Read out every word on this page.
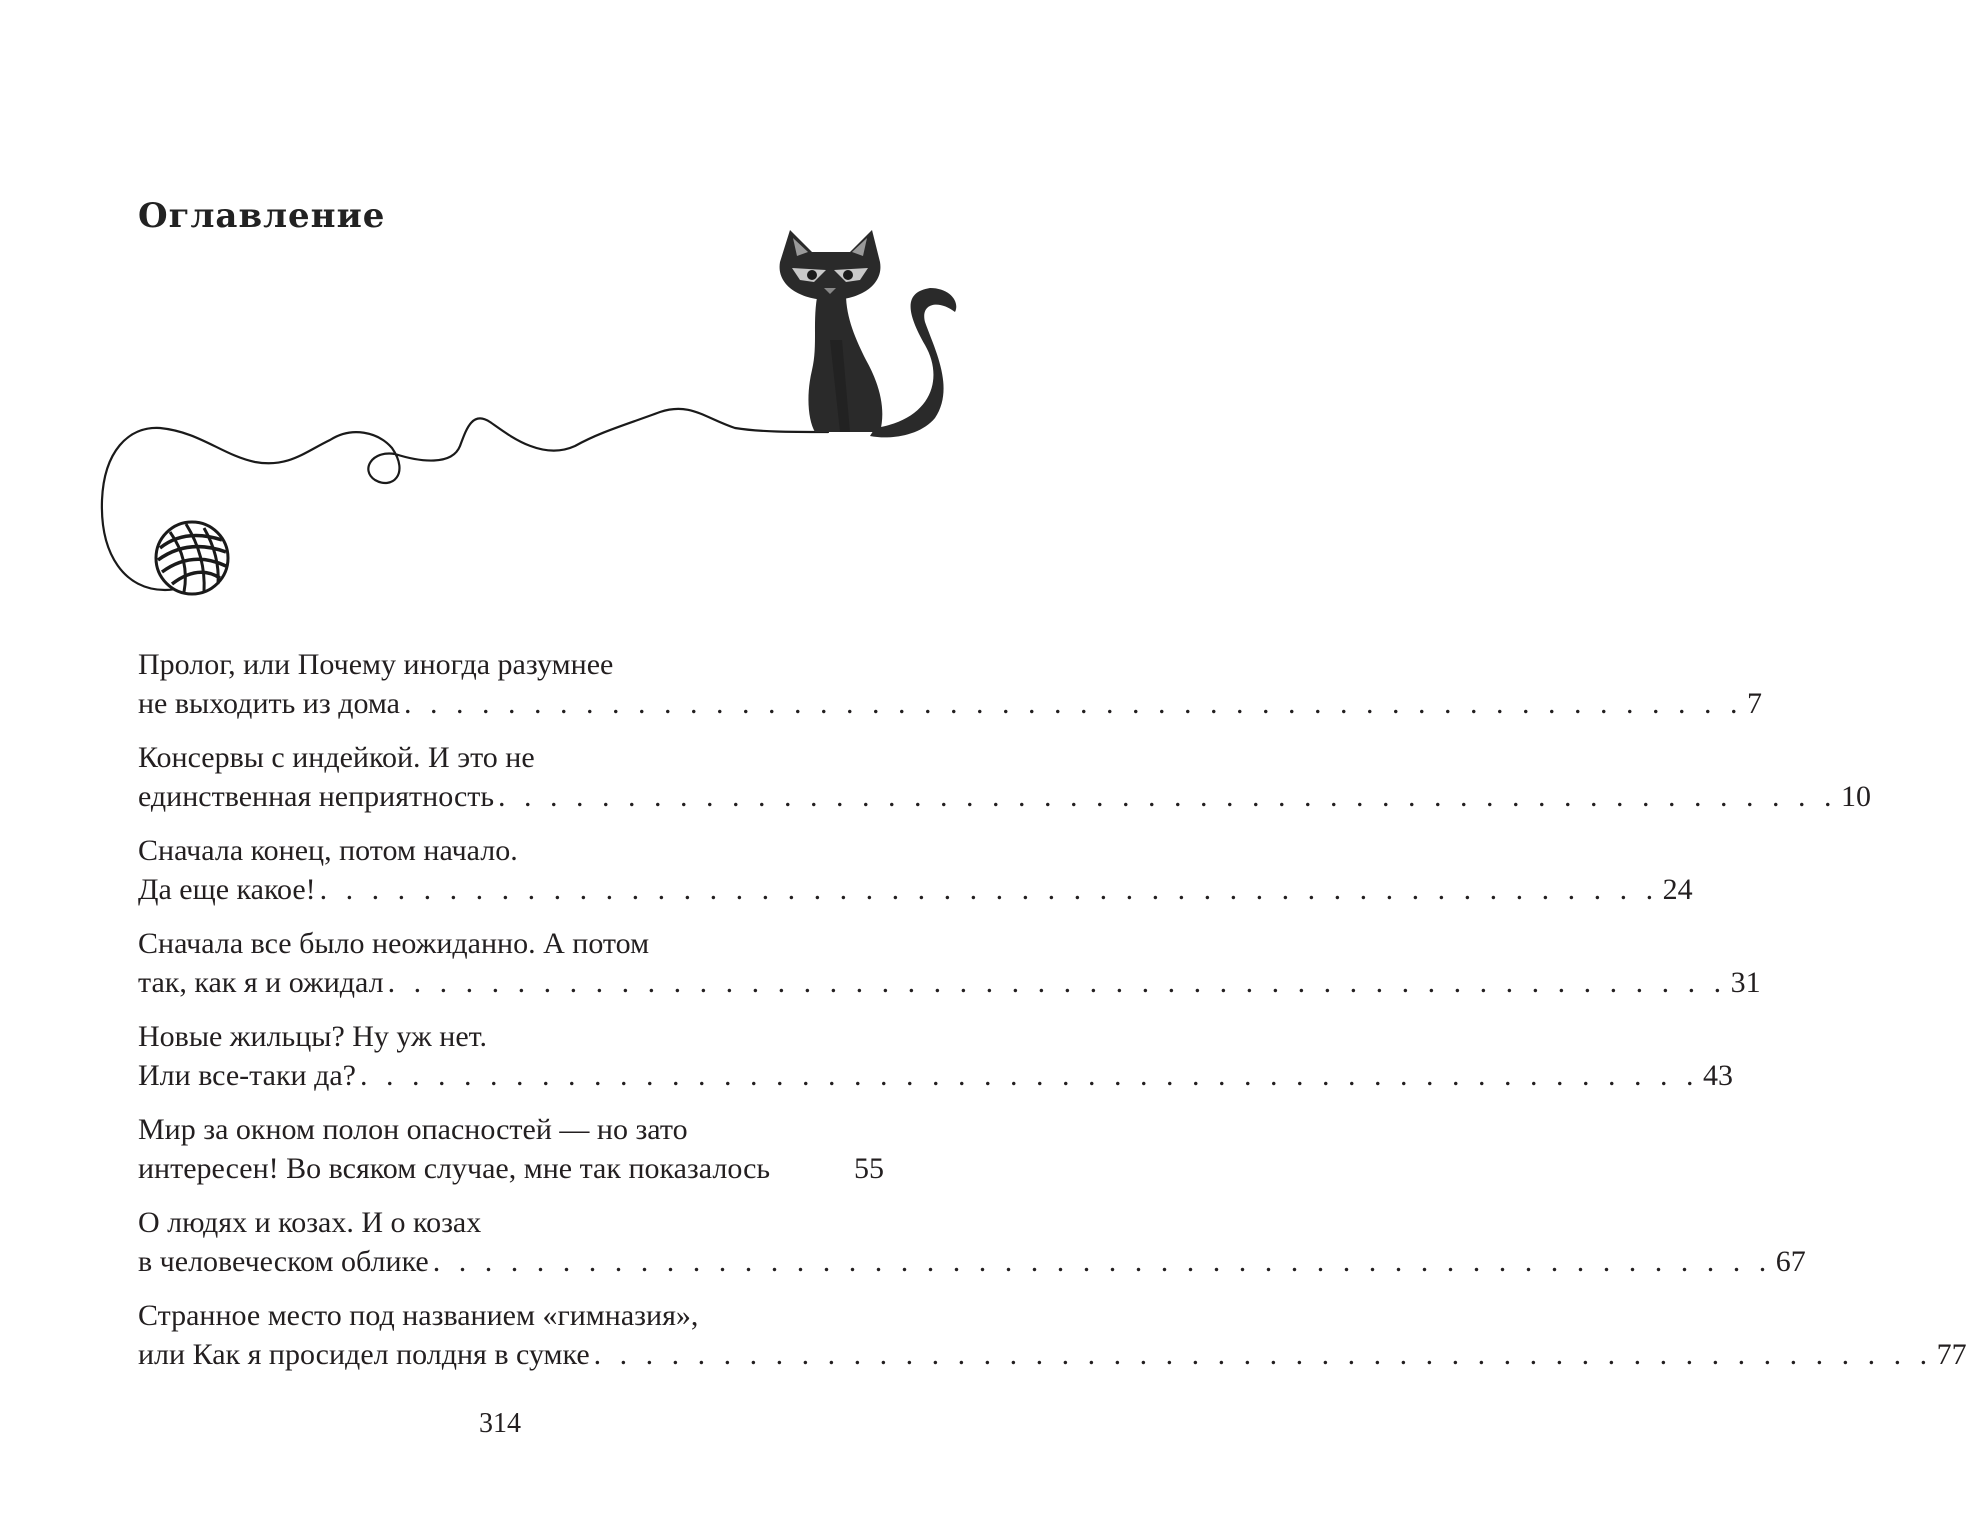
Оглавление
Пролог, или Почему иногда разумнее
не выходить из дома . . . . . . . . . . . . . . . . . . . . . . . . . . . . . . . . . . . . . . . . . . . . . . . . . . . . 7
Консервы с индейкой. И это не
единственная неприятность . . . . . . . . . . . . . . . . . . . . . . . . . . . . . . . . . . . . . . . . . . . . . . . . . . . . 10
Сначала конец, потом начало.
Да еще какое! . . . . . . . . . . . . . . . . . . . . . . . . . . . . . . . . . . . . . . . . . . . . . . . . . . . . 24
Сначала все было неожиданно. А потом
так, как я и ожидал . . . . . . . . . . . . . . . . . . . . . . . . . . . . . . . . . . . . . . . . . . . . . . . . . . . . 31
Новые жильцы? Ну уж нет.
Или все-таки да? . . . . . . . . . . . . . . . . . . . . . . . . . . . . . . . . . . . . . . . . . . . . . . . . . . . . 43
Мир за окном полон опасностей — но зато
интересен! Во всяком случае, мне так показалось	55
О людях и козах. И о козах
в человеческом облике . . . . . . . . . . . . . . . . . . . . . . . . . . . . . . . . . . . . . . . . . . . . . . . . . . . . 67
Странное место под названием «гимназия»,
или Как я просидел полдня в сумке . . . . . . . . . . . . . . . . . . . . . . . . . . . . . . . . . . . . . . . . . . . . . . . . . . . . 77
314
